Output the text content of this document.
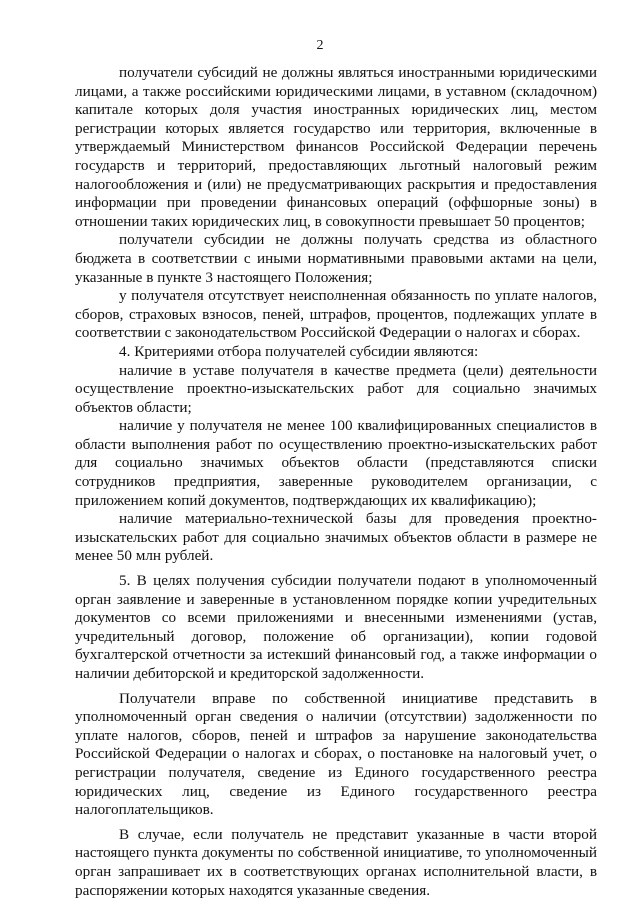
2

получатели субсидий не должны являться иностранными юридическими лицами, а также российскими юридическими лицами, в уставном (складочном) капитале которых доля участия иностранных юридических лиц, местом регистрации которых является государство или территория, включенные в утверждаемый Министерством финансов Российской Федерации перечень государств и территорий, предоставляющих льготный налоговый режим налогообложения и (или) не предусматривающих раскрытия и предоставления информации при проведении финансовых операций (оффшорные зоны) в отношении таких юридических лиц, в совокупности превышает 50 процентов;

получатели субсидии не должны получать средства из областного бюджета в соответствии с иными нормативными правовыми актами на цели, указанные в пункте 3 настоящего Положения;

у получателя отсутствует неисполненная обязанность по уплате налогов, сборов, страховых взносов, пеней, штрафов, процентов, подлежащих уплате в соответствии с законодательством Российской Федерации о налогах и сборах.

4. Критериями отбора получателей субсидии являются:

наличие в уставе получателя в качестве предмета (цели) деятельности осуществление проектно-изыскательских работ для социально значимых объектов области;

наличие у получателя не менее 100 квалифицированных специалистов в области выполнения работ по осуществлению проектно-изыскательских работ для социально значимых объектов области (представляются списки сотрудников предприятия, заверенные руководителем организации, с приложением копий документов, подтверждающих их квалификацию);

наличие материально-технической базы для проведения проектно-изыскательских работ для социально значимых объектов области в размере не менее 50 млн рублей.

5. В целях получения субсидии получатели подают в уполномоченный орган заявление и заверенные в установленном порядке копии учредительных документов со всеми приложениями и внесенными изменениями (устав, учредительный договор, положение об организации), копии годовой бухгалтерской отчетности за истекший финансовый год, а также информации о наличии дебиторской и кредиторской задолженности.

Получатели вправе по собственной инициативе представить в уполномоченный орган сведения о наличии (отсутствии) задолженности по уплате налогов, сборов, пеней и штрафов за нарушение законодательства Российской Федерации о налогах и сборах, о постановке на налоговый учет, о регистрации получателя, сведение из Единого государственного реестра юридических лиц, сведение из Единого государственного реестра налогоплательщиков.

В случае, если получатель не представит указанные в части второй настоящего пункта документы по собственной инициативе, то уполномоченный орган запрашивает их в соответствующих органах исполнительной власти, в распоряжении которых находятся указанные сведения.
